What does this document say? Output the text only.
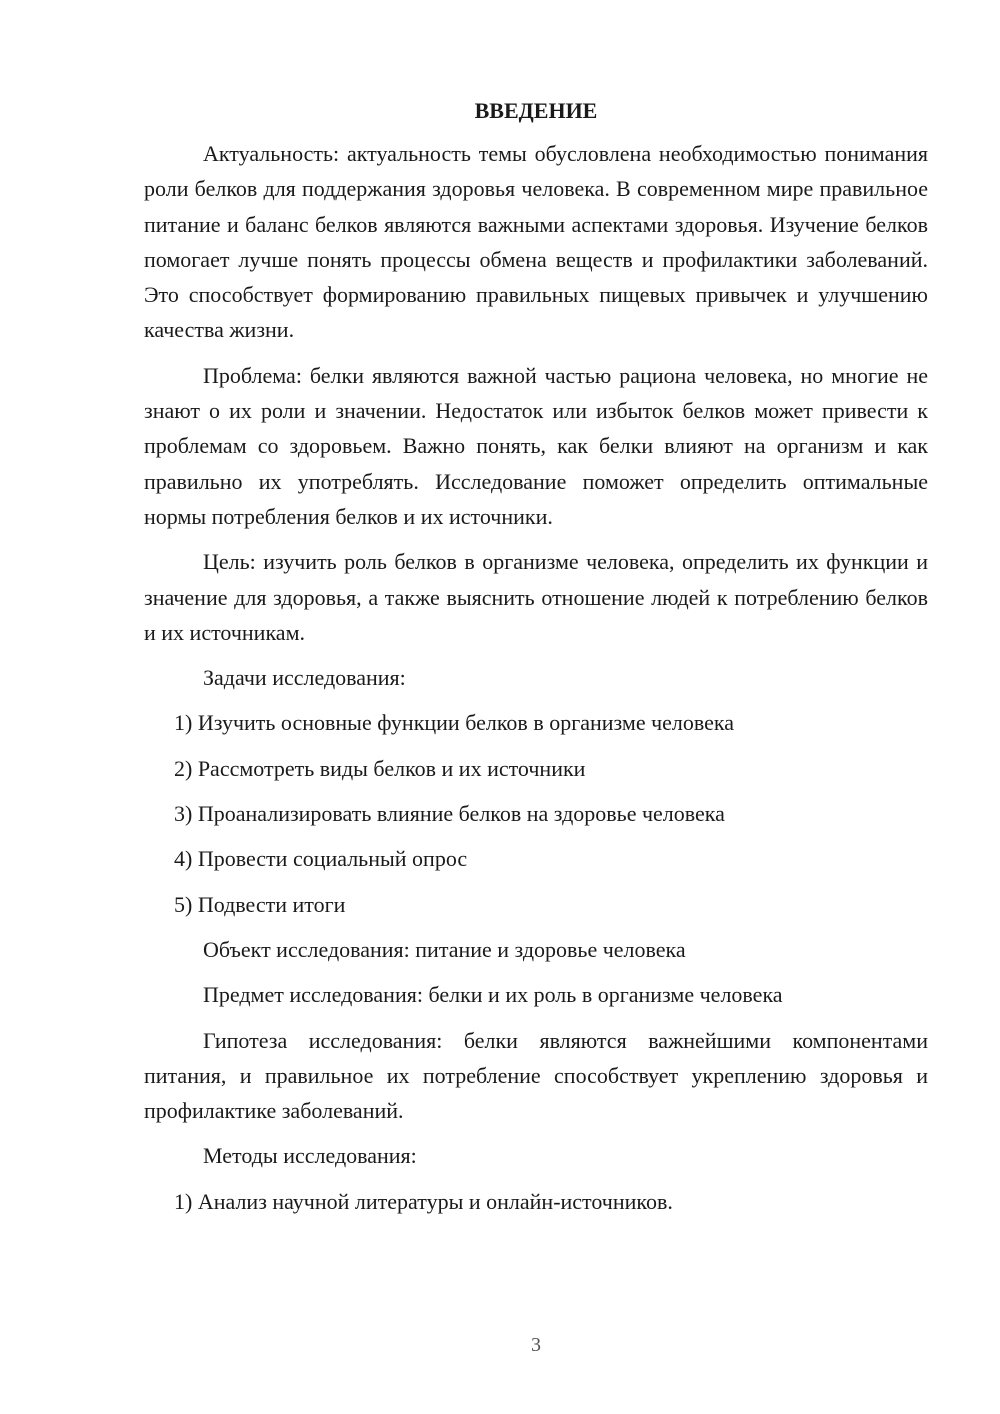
ВВЕДЕНИЕ

Актуальность: актуальность темы обусловлена необходимостью понимания роли белков для поддержания здоровья человека. В современном мире правильное питание и баланс белков являются важными аспектами здоровья. Изучение белков помогает лучше понять процессы обмена веществ и профилактики заболеваний. Это способствует формированию правильных пищевых привычек и улучшению качества жизни.

Проблема: белки являются важной частью рациона человека, но многие не знают о их роли и значении. Недостаток или избыток белков может привести к проблемам со здоровьем. Важно понять, как белки влияют на организм и как правильно их употреблять. Исследование поможет определить оптимальные нормы потребления белков и их источники.

Цель: изучить роль белков в организме человека, определить их функции и значение для здоровья, а также выяснить отношение людей к потреблению белков и их источникам.

Задачи исследования:

1) Изучить основные функции белков в организме человека

2) Рассмотреть виды белков и их источники

3) Проанализировать влияние белков на здоровье человека

4) Провести социальный опрос

5) Подвести итоги

Объект исследования: питание и здоровье человека

Предмет исследования: белки и их роль в организме человека

Гипотеза исследования: белки являются важнейшими компонентами питания, и правильное их потребление способствует укреплению здоровья и профилактике заболеваний.

Методы исследования:

1) Анализ научной литературы и онлайн-источников.

3
